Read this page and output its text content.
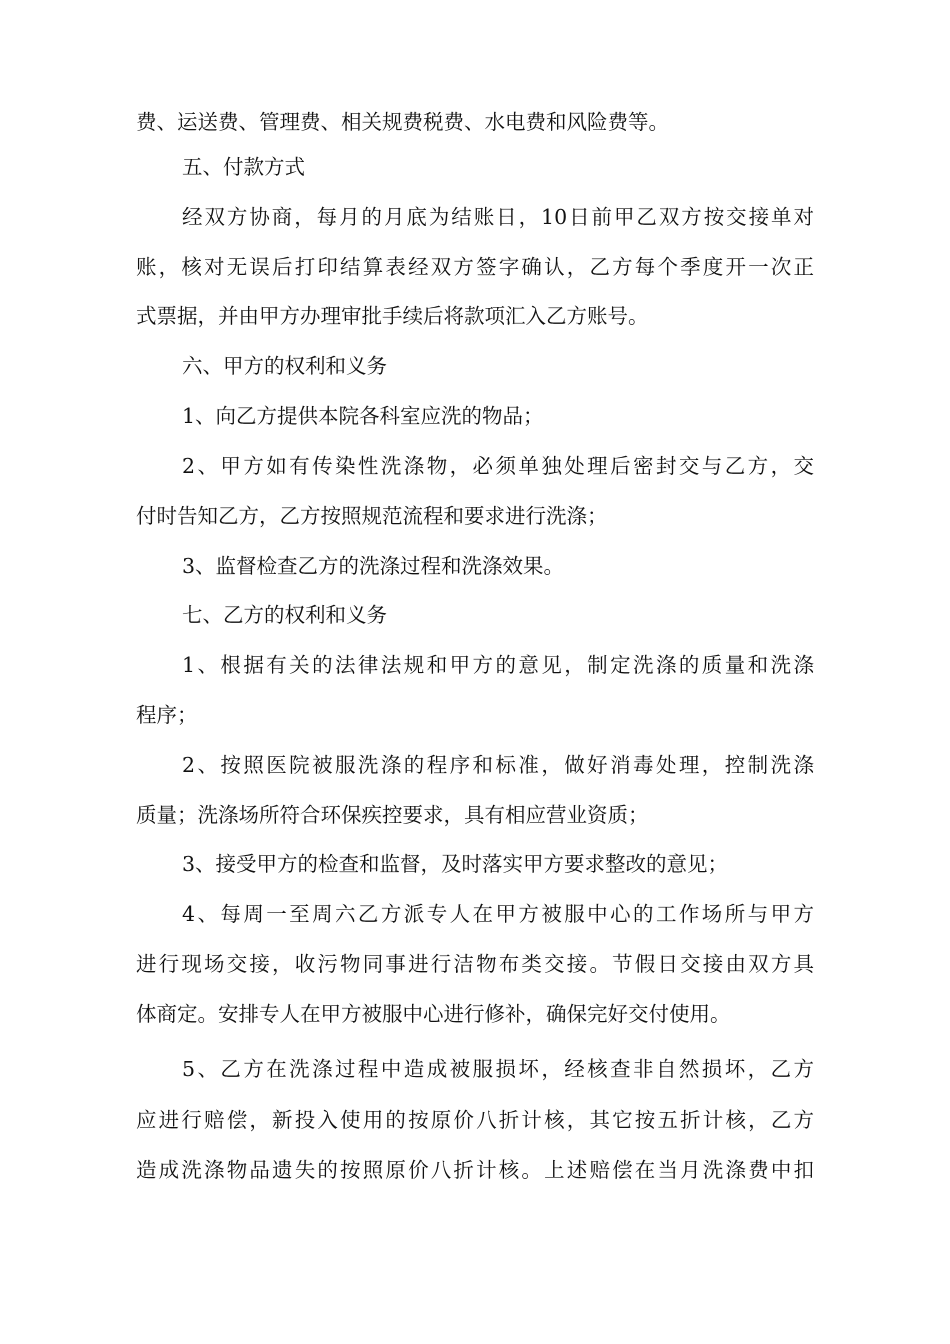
费、运送费、管理费、相关规费税费、水电费和风险费等。
五、付款方式
经双方协商，每月的月底为结账日，10日前甲乙双方按交接单对
账，核对无误后打印结算表经双方签字确认，乙方每个季度开一次正
式票据，并由甲方办理审批手续后将款项汇入乙方账号。
六、甲方的权利和义务
1、向乙方提供本院各科室应洗的物品；
2、甲方如有传染性洗涤物，必须单独处理后密封交与乙方，交
付时告知乙方，乙方按照规范流程和要求进行洗涤；
3、监督检查乙方的洗涤过程和洗涤效果。
七、乙方的权利和义务
1、根据有关的法律法规和甲方的意见，制定洗涤的质量和洗涤
程序；
2、按照医院被服洗涤的程序和标准，做好消毒处理，控制洗涤
质量；洗涤场所符合环保疾控要求，具有相应营业资质；
3、接受甲方的检查和监督，及时落实甲方要求整改的意见；
4、每周一至周六乙方派专人在甲方被服中心的工作场所与甲方
进行现场交接，收污物同事进行洁物布类交接。节假日交接由双方具
体商定。安排专人在甲方被服中心进行修补，确保完好交付使用。
5、乙方在洗涤过程中造成被服损坏，经核查非自然损坏，乙方
应进行赔偿，新投入使用的按原价八折计核，其它按五折计核，乙方
造成洗涤物品遗失的按照原价八折计核。上述赔偿在当月洗涤费中扣
